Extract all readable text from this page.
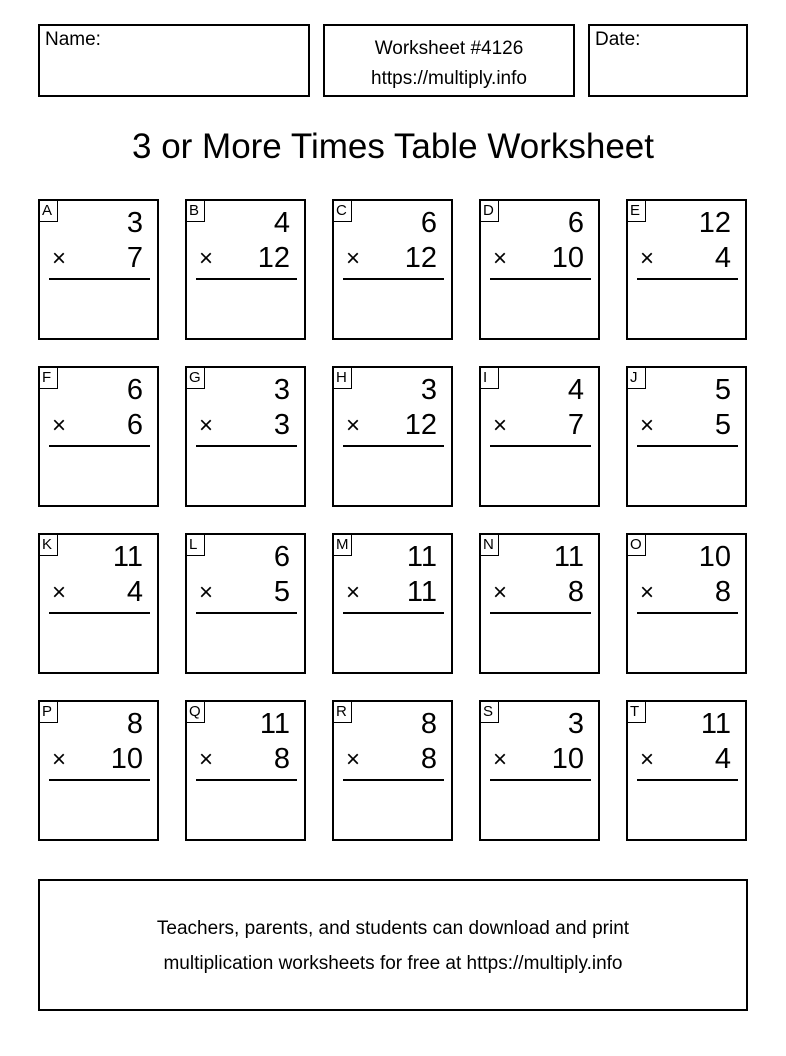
Name:	Worksheet #4126
https://multiply.info
Date:
3 or More Times Table Worksheet
A	3
× 7
B	4
× 12
C	6
× 12
D	6
× 10
E 12
× 4
F	6
× 6
G	3
× 3
H	3
× 12
I	4
× 7
J	5
× 5
K 11
× 4
L	6
× 5
M 11
× 11
N 11
× 8
O 10
× 8
P	8
× 10
Q 11
× 8
R	8
× 8
S	3
× 10
T 11
× 4
Teachers, parents, and students can download and print
multiplication worksheets for free at https://multiply.info
